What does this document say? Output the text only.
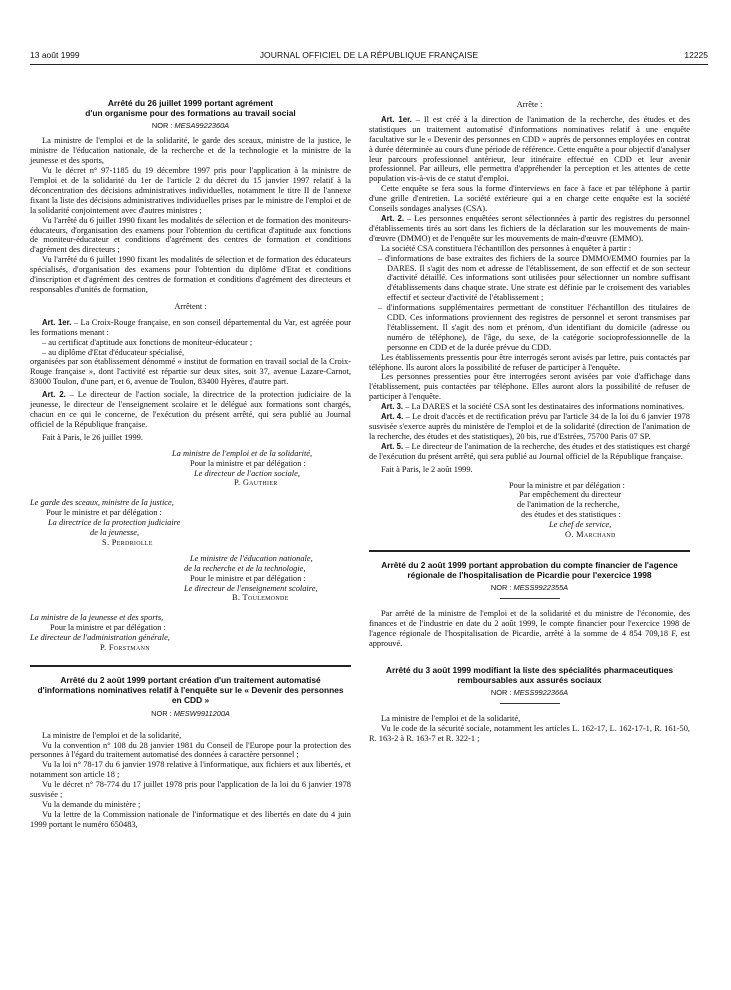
13 août 1999	JOURNAL OFFICIEL DE LA RÉPUBLIQUE FRANÇAISE	12225
Arrêté du 26 juillet 1999 portant agrément
d'un organisme pour des formations au travail social
NOR : MESA9922360A

La ministre de l'emploi et de la solidarité, le garde des sceaux, ministre de la justice, le ministre de l'éducation nationale, de la recherche et de la technologie et la ministre de la jeunesse et des sports,

Vu le décret n° 97-1185 du 19 décembre 1997 pris pour l'application à la ministre de l'emploi et de la solidarité du 1er de l'article 2 du décret du 15 janvier 1997 relatif à la déconcentration des décisions administratives individuelles, notamment le titre II de l'annexe fixant la liste des décisions administratives individuelles prises par le ministre de l'emploi et de la solidarité conjointement avec d'autres ministres ;

Vu l'arrêté du 6 juillet 1990 fixant les modalités de sélection et de formation des moniteurs-éducateurs, d'organisation des examens pour l'obtention du certificat d'aptitude aux fonctions de moniteur-éducateur et conditions d'agrément des centres de formation et conditions d'agrément des directeurs ;

Vu l'arrêté du 6 juillet 1990 fixant les modalités de sélection et de formation des éducateurs spécialisés, d'organisation des examens pour l'obtention du diplôme d'Etat et conditions d'inscription et d'agrément des centres de formation et conditions d'agrément des directeurs et responsables d'unités de formation,

Arrêtent :

Art. 1er. – La Croix-Rouge française, en son conseil départemental du Var, est agréée pour les formations menant :

– au certificat d'aptitude aux fonctions de moniteur-éducateur ;

– au diplôme d'Etat d'éducateur spécialisé,

organisées par son établissement dénommé « institut de formation en travail social de la Croix-Rouge française », dont l'activité est répartie sur deux sites, soit 37, avenue Lazare-Carnot, 83000 Toulon, d'une part, et 6, avenue de Toulon, 83400 Hyères, d'autre part.

Art. 2. – Le directeur de l'action sociale, la directrice de la protection judiciaire de la jeunesse, le directeur de l'enseignement scolaire et le délégué aux formations sont chargés, chacun en ce qui le concerne, de l'exécution du présent arrêté, qui sera publié au Journal officiel de la République française.

Fait à Paris, le 26 juillet 1999.

La ministre de l'emploi et de la solidarité,
Pour la ministre et par délégation :
Le directeur de l'action sociale,
P. Gauthier
Le garde des sceaux, ministre de la justice,
Pour le ministre et par délégation :
La directrice de la protection judiciaire
de la jeunesse,
S. Perdriolle
Le ministre de l'éducation nationale,
de la recherche et de la technologie,
Pour le ministre et par délégation :
Le directeur de l'enseignement scolaire,
B. Toulemonde
La ministre de la jeunesse et des sports,
Pour la ministre et par délégation :
Le directeur de l'administration générale,
P. Forstmann
Arrêté du 2 août 1999 portant création d'un traitement automatisé d'informations nominatives relatif à l'enquête sur le « Devenir des personnes en CDD »
NOR : MESW9911200A

La ministre de l'emploi et de la solidarité,

Vu la convention n° 108 du 28 janvier 1981 du Conseil de l'Europe pour la protection des personnes à l'égard du traitement automatisé des données à caractère personnel ;

Vu la loi n° 78-17 du 6 janvier 1978 relative à l'informatique, aux fichiers et aux libertés, et notamment son article 18 ;

Vu le décret n° 78-774 du 17 juillet 1978 pris pour l'application de la loi du 6 janvier 1978 susvisée ;

Vu la demande du ministère ;

Vu la lettre de la Commission nationale de l'informatique et des libertés en date du 4 juin 1999 portant le numéro 650483,

Arrête :

Art. 1er. – Il est créé à la direction de l'animation de la recherche, des études et des statistiques un traitement automatisé d'informations nominatives relatif à une enquête facultative sur le « Devenir des personnes en CDD » auprès de personnes employées en contrat à durée déterminée au cours d'une période de référence. Cette enquête a pour objectif d'analyser leur parcours professionnel antérieur, leur itinéraire effectué en CDD et leur avenir professionnel. Par ailleurs, elle permettra d'appréhender la perception et les attentes de cette population vis-à-vis de ce statut d'emploi.

Cette enquête se fera sous la forme d'interviews en face à face et par téléphone à partir d'une grille d'entretien. La société extérieure qui a en charge cette enquête est la société Conseils sondages analyses (CSA).

Art. 2. – Les personnes enquêtées seront sélectionnées à partir des registres du personnel d'établissements tirés au sort dans les fichiers de la déclaration sur les mouvements de main-d'œuvre (DMMO) et de l'enquête sur les mouvements de main-d'œuvre (EMMO).

La société CSA constituera l'échantillon des personnes à enquêter à partir :

– d'informations de base extraites des fichiers de la source DMMO/EMMO fournies par la DARES. Il s'agit des nom et adresse de l'établissement, de son effectif et de son secteur d'activité détaillé. Ces informations sont utilisées pour sélectionner un nombre suffisant d'établissements dans chaque strate. Une strate est définie par le croisement des variables effectif et secteur d'activité de l'établissement ;

– d'informations supplémentaires permettant de constituer l'échantillon des titulaires de CDD. Ces informations proviennent des registres de personnel et seront transmises par l'établissement. Il s'agit des nom et prénom, d'un identifiant du domicile (adresse ou numéro de téléphone), de l'âge, du sexe, de la catégorie socioprofessionnelle de la personne en CDD et de la durée prévue du CDD.

Les établissements pressentis pour être interrogés seront avisés par lettre, puis contactés par téléphone. Ils auront alors la possibilité de refuser de participer à l'enquête.

Les personnes pressenties pour être interrogées seront avisées par voie d'affichage dans l'établissement, puis contactées par téléphone. Elles auront alors la possibilité de refuser de participer à l'enquête.

Art. 3. – La DARES et la société CSA sont les destinataires des informations nominatives.

Art. 4. – Le droit d'accès et de rectification prévu par l'article 34 de la loi du 6 janvier 1978 susvisée s'exerce auprès du ministère de l'emploi et de la solidarité (direction de l'animation de la recherche, des études et des statistiques), 20 bis, rue d'Estrées, 75700 Paris 07 SP.

Art. 5. – Le directeur de l'animation de la recherche, des études et des statistiques est chargé de l'exécution du présent arrêté, qui sera publié au Journal officiel de la République française.

Fait à Paris, le 2 août 1999.

Pour la ministre et par délégation :
Par empêchement du directeur
de l'animation de la recherche,
des études et des statistiques :
Le chef de service,
O. Marchand
Arrêté du 2 août 1999 portant approbation du compte financier de l'agence régionale de l'hospitalisation de Picardie pour l'exercice 1998
NOR : MESS9922355A

Par arrêté de la ministre de l'emploi et de la solidarité et du ministre de l'économie, des finances et de l'industrie en date du 2 août 1999, le compte financier pour l'exercice 1998 de l'agence régionale de l'hospitalisation de Picardie, arrêté à la somme de 4 854 709,18 F, est approuvé.

Arrêté du 3 août 1999 modifiant la liste des spécialités pharmaceutiques remboursables aux assurés sociaux
NOR : MESS9922366A

La ministre de l'emploi et de la solidarité,

Vu le code de la sécurité sociale, notamment les articles L. 162-17, L. 162-17-1, R. 161-50, R. 163-2 à R. 163-7 et R. 322-1 ;
